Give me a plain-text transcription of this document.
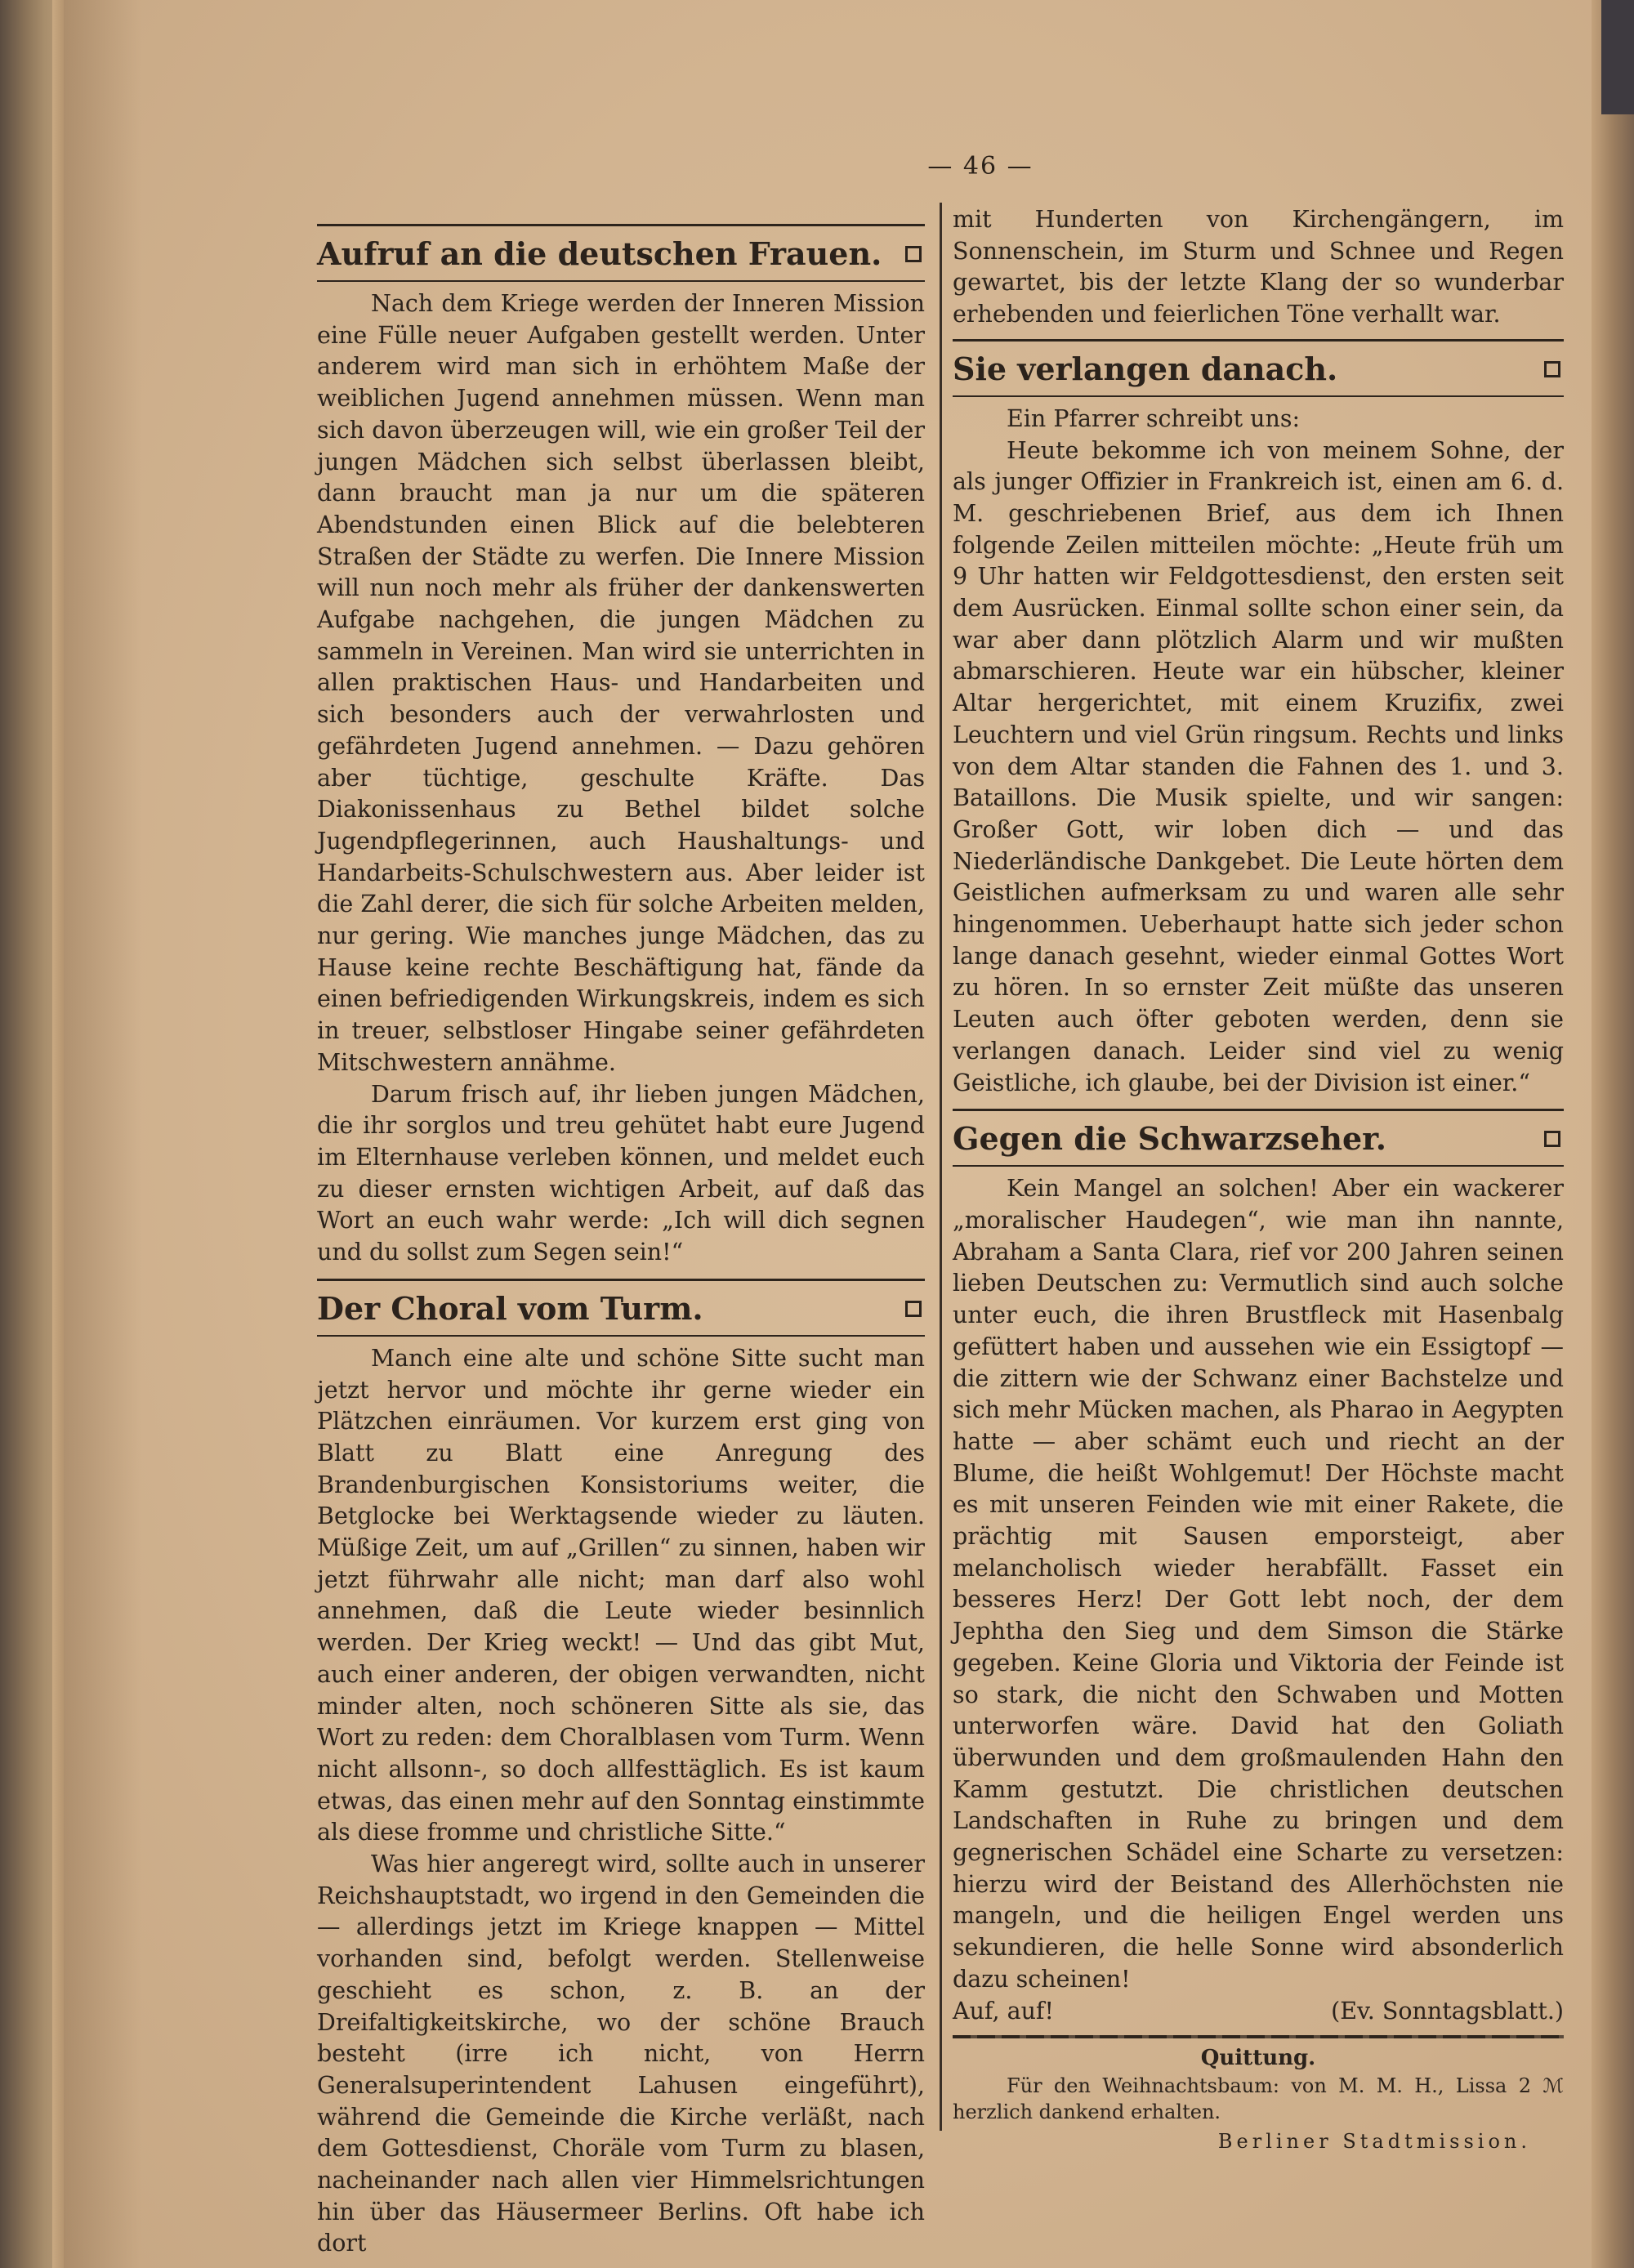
— 46 —
Aufruf an die deutschen Frauen.

Nach dem Kriege werden der Inneren Mission eine Fülle neuer Aufgaben gestellt werden. Unter anderem wird man sich in erhöhtem Maße der weiblichen Jugend annehmen müssen. Wenn man sich davon überzeugen will, wie ein großer Teil der jungen Mädchen sich selbst überlassen bleibt, dann braucht man ja nur um die späteren Abendstunden einen Blick auf die belebteren Straßen der Städte zu werfen. Die Innere Mission will nun noch mehr als früher der dankenswerten Aufgabe nachgehen, die jungen Mädchen zu sammeln in Vereinen. Man wird sie unterrichten in allen praktischen Haus- und Handarbeiten und sich besonders auch der verwahrlosten und gefährdeten Jugend annehmen. — Dazu gehören aber tüchtige, geschulte Kräfte. Das Diakonissenhaus zu Bethel bildet solche Jugendpflegerinnen, auch Haushaltungs- und Handarbeits-Schulschwestern aus. Aber leider ist die Zahl derer, die sich für solche Arbeiten melden, nur gering. Wie manches junge Mädchen, das zu Hause keine rechte Beschäftigung hat, fände da einen befriedigenden Wirkungskreis, indem es sich in treuer, selbstloser Hingabe seiner gefährdeten Mitschwestern annähme.

Darum frisch auf, ihr lieben jungen Mädchen, die ihr sorglos und treu gehütet habt eure Jugend im Elternhause verleben können, und meldet euch zu dieser ernsten wichtigen Arbeit, auf daß das Wort an euch wahr werde: „Ich will dich segnen und du sollst zum Segen sein!“

Der Choral vom Turm.

Manch eine alte und schöne Sitte sucht man jetzt hervor und möchte ihr gerne wieder ein Plätzchen einräumen. Vor kurzem erst ging von Blatt zu Blatt eine Anregung des Brandenburgischen Konsistoriums weiter, die Betglocke bei Werktagsende wieder zu läuten. Müßige Zeit, um auf „Grillen“ zu sinnen, haben wir jetzt führwahr alle nicht; man darf also wohl annehmen, daß die Leute wieder besinnlich werden. Der Krieg weckt! — Und das gibt Mut, auch einer anderen, der obigen verwandten, nicht minder alten, noch schöneren Sitte als sie, das Wort zu reden: dem Choralblasen vom Turm. Wenn nicht allsonn-, so doch allfesttäglich. Es ist kaum etwas, das einen mehr auf den Sonntag einstimmte als diese fromme und christliche Sitte.“

Was hier angeregt wird, sollte auch in unserer Reichshauptstadt, wo irgend in den Gemeinden die — allerdings jetzt im Kriege knappen — Mittel vorhanden sind, befolgt werden. Stellenweise geschieht es schon, z. B. an der Dreifaltigkeitskirche, wo der schöne Brauch besteht (irre ich nicht, von Herrn Generalsuperintendent Lahusen eingeführt), während die Gemeinde die Kirche verläßt, nach dem Gottesdienst, Choräle vom Turm zu blasen, nacheinander nach allen vier Himmelsrichtungen hin über das Häusermeer Berlins. Oft habe ich dort

mit Hunderten von Kirchengängern, im Sonnenschein, im Sturm und Schnee und Regen gewartet, bis der letzte Klang der so wunderbar erhebenden und feierlichen Töne verhallt war.

Sie verlangen danach.

Ein Pfarrer schreibt uns:

Heute bekomme ich von meinem Sohne, der als junger Offizier in Frankreich ist, einen am 6. d. M. geschriebenen Brief, aus dem ich Ihnen folgende Zeilen mitteilen möchte: „Heute früh um 9 Uhr hatten wir Feldgottesdienst, den ersten seit dem Ausrücken. Einmal sollte schon einer sein, da war aber dann plötzlich Alarm und wir mußten abmarschieren. Heute war ein hübscher, kleiner Altar hergerichtet, mit einem Kruzifix, zwei Leuchtern und viel Grün ringsum. Rechts und links von dem Altar standen die Fahnen des 1. und 3. Bataillons. Die Musik spielte, und wir sangen: Großer Gott, wir loben dich — und das Niederländische Dankgebet. Die Leute hörten dem Geistlichen aufmerksam zu und waren alle sehr hingenommen. Ueberhaupt hatte sich jeder schon lange danach gesehnt, wieder einmal Gottes Wort zu hören. In so ernster Zeit müßte das unseren Leuten auch öfter geboten werden, denn sie verlangen danach. Leider sind viel zu wenig Geistliche, ich glaube, bei der Division ist einer.“

Gegen die Schwarzseher.

Kein Mangel an solchen! Aber ein wackerer „moralischer Haudegen“, wie man ihn nannte, Abraham a Santa Clara, rief vor 200 Jahren seinen lieben Deutschen zu: Vermutlich sind auch solche unter euch, die ihren Brustfleck mit Hasenbalg gefüttert haben und aussehen wie ein Essigtopf — die zittern wie der Schwanz einer Bachstelze und sich mehr Mücken machen, als Pharao in Aegypten hatte — aber schämt euch und riecht an der Blume, die heißt Wohlgemut! Der Höchste macht es mit unseren Feinden wie mit einer Rakete, die prächtig mit Sausen emporsteigt, aber melancholisch wieder herabfällt. Fasset ein besseres Herz! Der Gott lebt noch, der dem Jephtha den Sieg und dem Simson die Stärke gegeben. Keine Gloria und Viktoria der Feinde ist so stark, die nicht den Schwaben und Motten unterworfen wäre. David hat den Goliath überwunden und dem großmaulenden Hahn den Kamm gestutzt. Die christlichen deutschen Landschaften in Ruhe zu bringen und dem gegnerischen Schädel eine Scharte zu versetzen: hierzu wird der Beistand des Allerhöchsten nie mangeln, und die heiligen Engel werden uns sekundieren, die helle Sonne wird absonderlich dazu scheinen!

Auf, auf!	(Ev. Sonntagsblatt.)
Quittung.

Für den Weihnachtsbaum: von M. M. H., Lissa 2 ℳ herzlich dankend erhalten.

Berliner Stadtmission.
